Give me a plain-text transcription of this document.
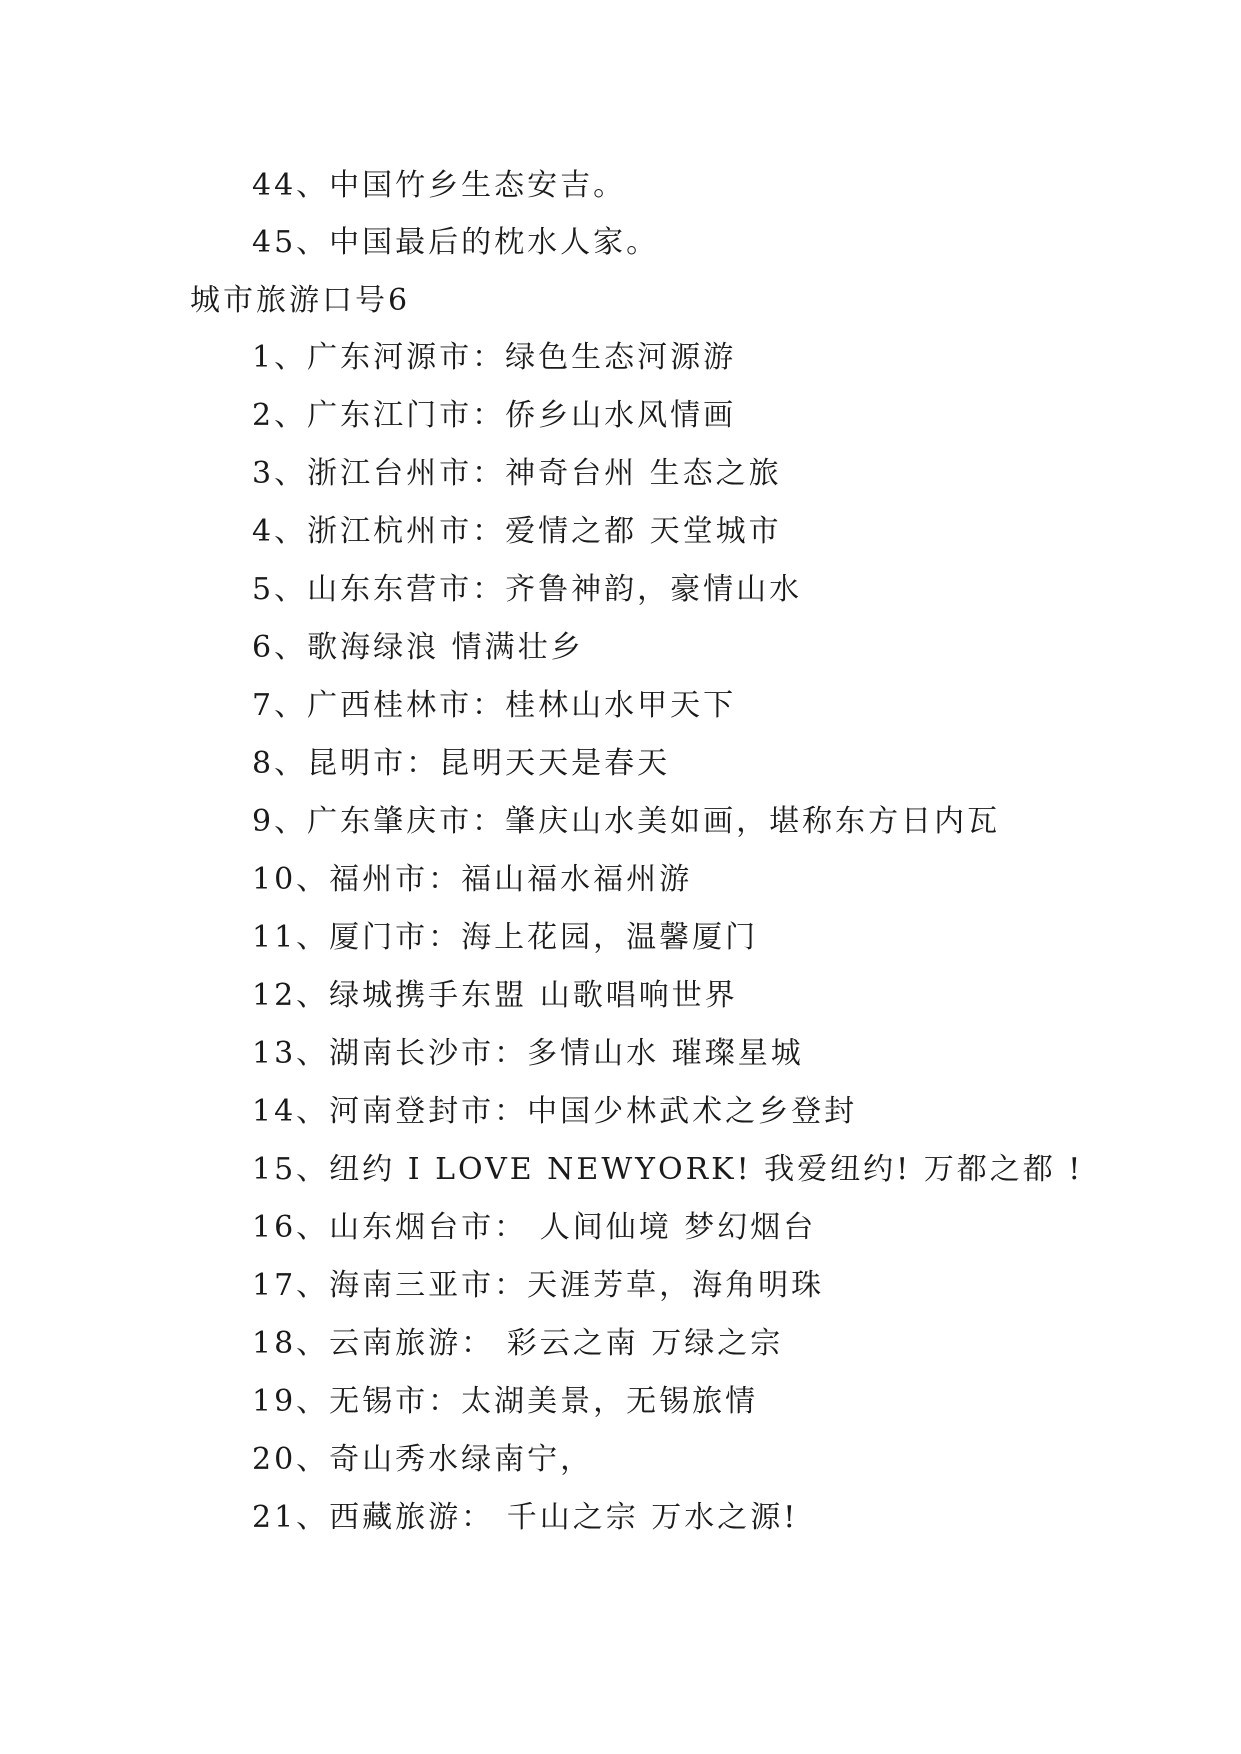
44、中国竹乡生态安吉。
45、中国最后的枕水人家。
城市旅游口号6
1、广东河源市：绿色生态河源游
2、广东江门市：侨乡山水风情画
3、浙江台州市：神奇台州 生态之旅
4、浙江杭州市：爱情之都 天堂城市
5、山东东营市：齐鲁神韵，豪情山水
6、歌海绿浪 情满壮乡
7、广西桂林市：桂林山水甲天下
8、昆明市：昆明天天是春天
9、广东肇庆市：肇庆山水美如画，堪称东方日内瓦
10、福州市：福山福水福州游
11、厦门市：海上花园，温馨厦门
12、绿城携手东盟 山歌唱响世界
13、湖南长沙市：多情山水 璀璨星城
14、河南登封市：中国少林武术之乡登封
15、纽约 I LOVE NEWYORK! 我爱纽约! 万都之都 !
16、山东烟台市： 人间仙境 梦幻烟台
17、海南三亚市：天涯芳草，海角明珠
18、云南旅游： 彩云之南 万绿之宗
19、无锡市：太湖美景，无锡旅情
20、奇山秀水绿南宁，
21、西藏旅游： 千山之宗 万水之源!
